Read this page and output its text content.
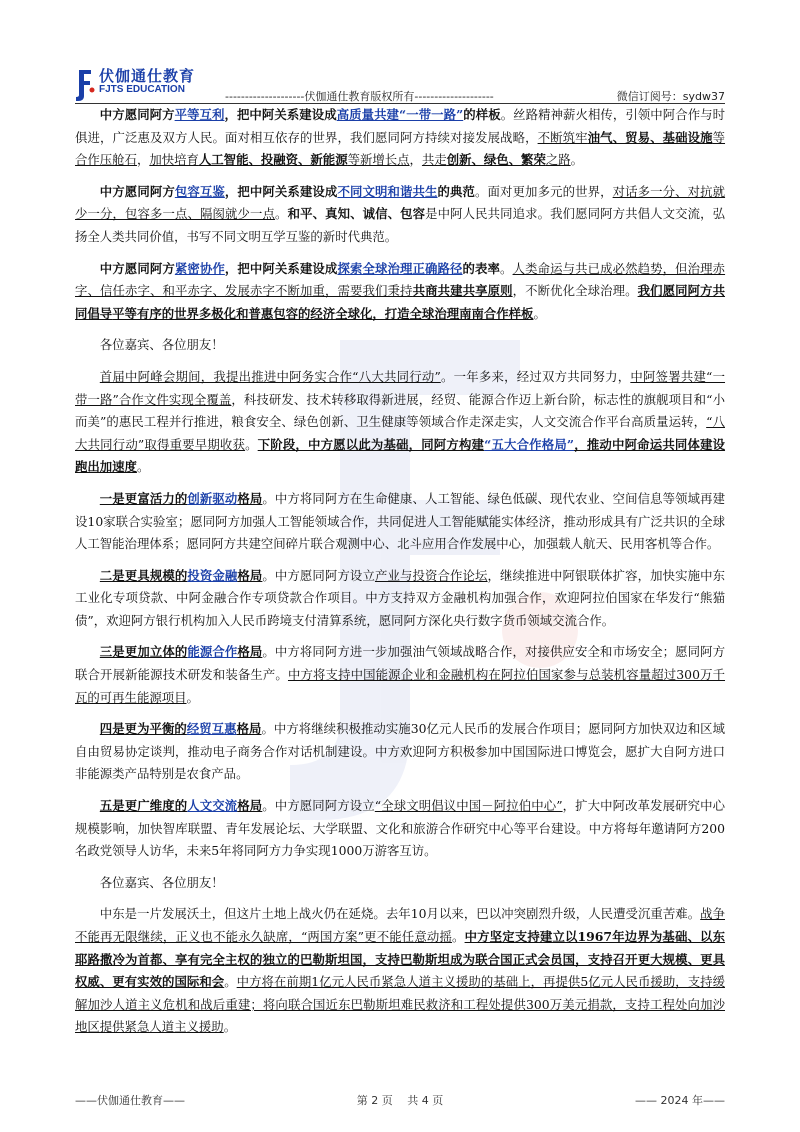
伏伽通仕教育
FJTS EDUCATION
--------------------伏伽通仕教育版权所有--------------------	微信订阅号：sydw37

中方愿同阿方平等互利，把中阿关系建设成高质量共建“一带一路”的样板。丝路精神薪火相传，引领中阿合作与时俱进，广泛惠及双方人民。面对相互依存的世界，我们愿同阿方持续对接发展战略，不断筑牢油气、贸易、基础设施等合作压舱石，加快培育人工智能、投融资、新能源等新增长点，共走创新、绿色、繁荣之路。

中方愿同阿方包容互鉴，把中阿关系建设成不同文明和谐共生的典范。面对更加多元的世界，对话多一分、对抗就少一分，包容多一点、隔阂就少一点。和平、真知、诚信、包容是中阿人民共同追求。我们愿同阿方共倡人文交流，弘扬全人类共同价值，书写不同文明互学互鉴的新时代典范。

中方愿同阿方紧密协作，把中阿关系建设成探索全球治理正确路径的表率。人类命运与共已成必然趋势，但治理赤字、信任赤字、和平赤字、发展赤字不断加重，需要我们秉持共商共建共享原则，不断优化全球治理。我们愿同阿方共同倡导平等有序的世界多极化和普惠包容的经济全球化，打造全球治理南南合作样板。

各位嘉宾、各位朋友！

首届中阿峰会期间，我提出推进中阿务实合作“八大共同行动”。一年多来，经过双方共同努力，中阿签署共建“一带一路”合作文件实现全覆盖，科技研发、技术转移取得新进展，经贸、能源合作迈上新台阶，标志性的旗舰项目和“小而美”的惠民工程并行推进，粮食安全、绿色创新、卫生健康等领域合作走深走实，人文交流合作平台高质量运转，“八大共同行动”取得重要早期收获。下阶段，中方愿以此为基础，同阿方构建“五大合作格局”，推动中阿命运共同体建设跑出加速度。

一是更富活力的创新驱动格局。中方将同阿方在生命健康、人工智能、绿色低碳、现代农业、空间信息等领域再建设10家联合实验室；愿同阿方加强人工智能领域合作，共同促进人工智能赋能实体经济，推动形成具有广泛共识的全球人工智能治理体系；愿同阿方共建空间碎片联合观测中心、北斗应用合作发展中心，加强载人航天、民用客机等合作。

二是更具规模的投资金融格局。中方愿同阿方设立产业与投资合作论坛，继续推进中阿银联体扩容，加快实施中东工业化专项贷款、中阿金融合作专项贷款合作项目。中方支持双方金融机构加强合作，欢迎阿拉伯国家在华发行“熊猫债”，欢迎阿方银行机构加入人民币跨境支付清算系统，愿同阿方深化央行数字货币领域交流合作。

三是更加立体的能源合作格局。中方将同阿方进一步加强油气领域战略合作，对接供应安全和市场安全；愿同阿方联合开展新能源技术研发和装备生产。中方将支持中国能源企业和金融机构在阿拉伯国家参与总装机容量超过300万千瓦的可再生能源项目。

四是更为平衡的经贸互惠格局。中方将继续积极推动实施30亿元人民币的发展合作项目；愿同阿方加快双边和区域自由贸易协定谈判，推动电子商务合作对话机制建设。中方欢迎阿方积极参加中国国际进口博览会，愿扩大自阿方进口非能源类产品特别是农食产品。

五是更广维度的人文交流格局。中方愿同阿方设立“全球文明倡议中国－阿拉伯中心”，扩大中阿改革发展研究中心规模影响，加快智库联盟、青年发展论坛、大学联盟、文化和旅游合作研究中心等平台建设。中方将每年邀请阿方200名政党领导人访华，未来5年将同阿方力争实现1000万游客互访。

各位嘉宾、各位朋友！

中东是一片发展沃土，但这片土地上战火仍在延烧。去年10月以来，巴以冲突剧烈升级，人民遭受沉重苦难。战争不能再无限继续，正义也不能永久缺席，“两国方案”更不能任意动摇。中方坚定支持建立以1967年边界为基础、以东耶路撒冷为首都、享有完全主权的独立的巴勒斯坦国，支持巴勒斯坦成为联合国正式会员国，支持召开更大规模、更具权威、更有实效的国际和会。中方将在前期1亿元人民币紧急人道主义援助的基础上，再提供5亿元人民币援助，支持缓解加沙人道主义危机和战后重建；将向联合国近东巴勒斯坦难民救济和工程处提供300万美元捐款，支持工程处向加沙地区提供紧急人道主义援助。

——伏伽通仕教育——	第 2 页　 共 4 页	—— 2024 年——
